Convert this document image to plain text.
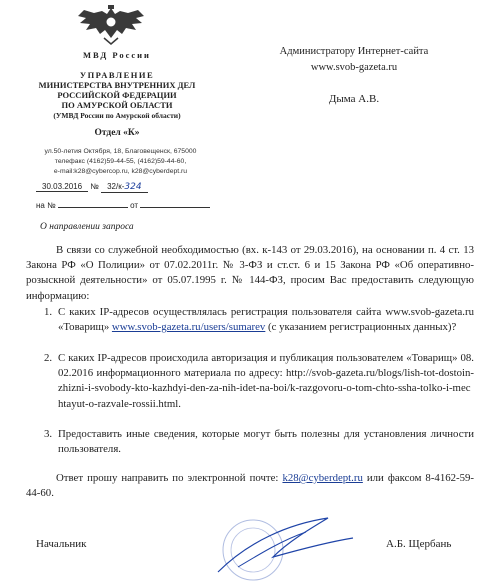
МВД России
УПРАВЛЕНИЕ
МИНИСТЕРСТВА ВНУТРЕННИХ ДЕЛ
РОССИЙСКОЙ ФЕДЕРАЦИИ
ПО АМУРСКОЙ ОБЛАСТИ
(УМВД России по Амурской области)
Отдел «К»
ул.50-летия Октября, 18, Благовещенск, 675000
телефакс (4162)59-44-55, (4162)59-44-60,
e-mail:k28@cybercop.ru, k28@cyberdept.ru
30.03.2016 № 32/к-324
на №	от
О направлении запроса
Администратору Интернет-сайта
www.svob-gazeta.ru
Дыма А.В.
В связи со служебной необходимостью (вх. к-143 от 29.03.2016), на основании п. 4 ст. 13 Закона РФ «О Полиции» от 07.02.2011г. № 3-ФЗ и ст.ст. 6 и 15 Закона РФ «Об оперативно-розыскной деятельности» от 05.07.1995 г. № 144-ФЗ, просим Вас предоставить следующую информацию:
1. С каких IP-адресов осуществлялась регистрация пользователя сайта www.svob-gazeta.ru «Товарищ» www.svob-gazeta.ru/users/sumarev (с указанием регистрационных данных)?
2. С каких IP-адресов происходила авторизация и публикация пользователем «Товарищ» 08.02.2016 информационного материала по адресу: http://svob-gazeta.ru/blogs/lish-tot-dostoin-zhizni-i-svobody-kto-kazhdyi-den-za-nih-idet-na-boi/k-razgovoru-o-tom-chto-ssha-tolko-i-mechtayut-o-razvale-rossii.html.
3. Предоставить иные сведения, которые могут быть полезны для установления личности пользователя.
Ответ прошу направить по электронной почте: k28@cyberdept.ru или факсом 8-4162-59-44-60.
Начальник	А.Б. Щербань
